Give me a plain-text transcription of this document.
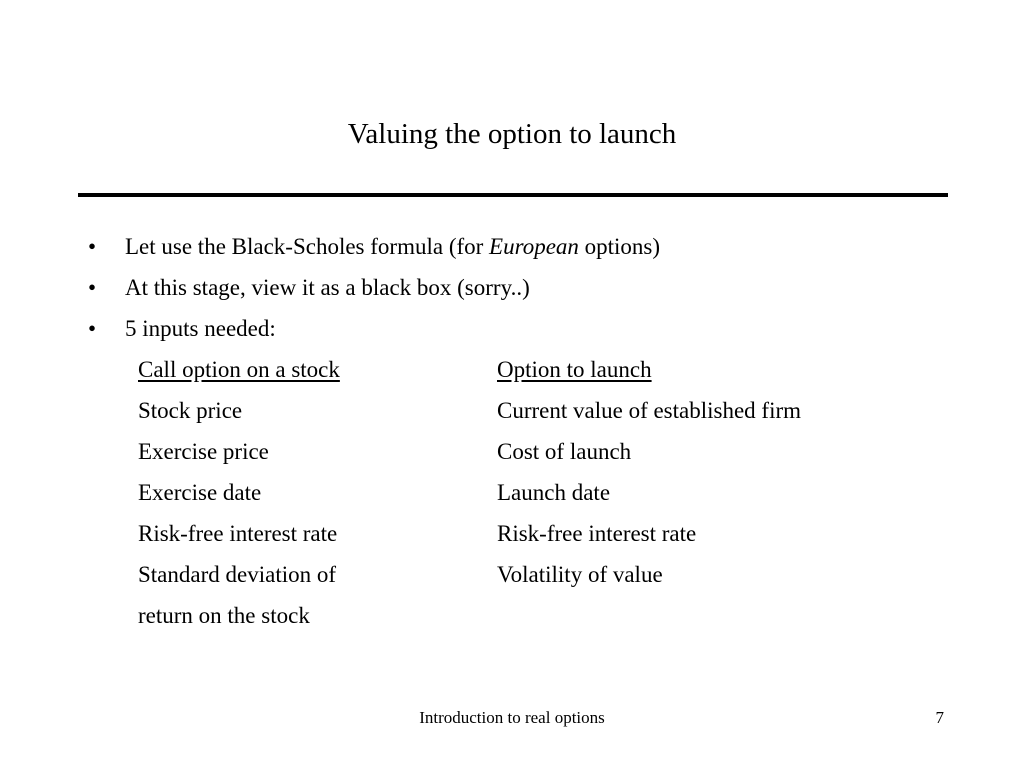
Valuing the option to launch
• Let use the Black-Scholes formula (for European options)
• At this stage, view it as a black box (sorry..)
• 5 inputs needed:
Call option on a stock	Option to launch
Stock price	Current value of established firm
Exercise price	Cost of launch
Exercise date	Launch date
Risk-free interest rate	Risk-free interest rate
Standard deviation of	Volatility of value
return on the stock	
Introduction to real options	7
